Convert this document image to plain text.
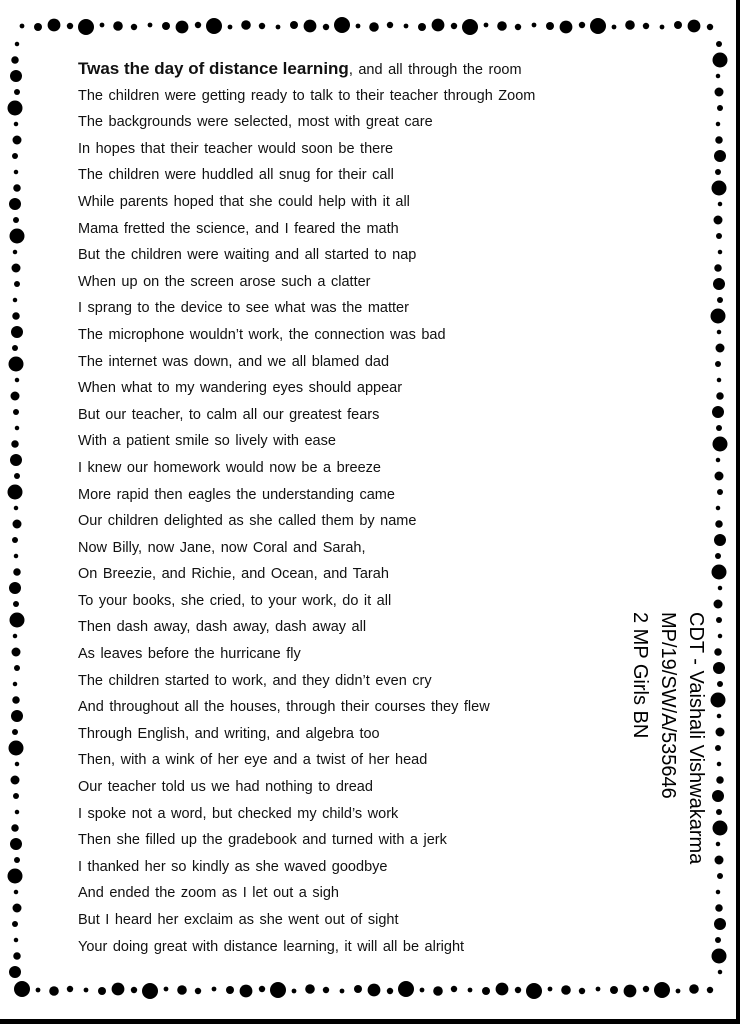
Twas the day of distance learning, and all through the room
The children were getting ready to talk to their teacher through Zoom
The backgrounds were selected, most with great care
In hopes that their teacher would soon be there
The children were huddled all snug for their call
While parents hoped that she could help with it all
Mama fretted the science, and I feared the math
But the children were waiting and all started to nap
When up on the screen arose such a clatter
I sprang to the device to see what was the matter
The microphone wouldn’t work, the connection was bad
The internet was down, and we all blamed dad
When what to my wandering eyes should appear
But our teacher, to calm all our greatest fears
With a patient smile so lively with ease
I knew our homework would now be a breeze
More rapid then eagles the understanding came
Our children delighted as she called them by name
Now Billy, now Jane, now Coral and Sarah,
On Breezie, and Richie, and Ocean, and Tarah
To your books, she cried, to your work, do it all
Then dash away, dash away, dash away all
As leaves before the hurricane fly
The children started to work, and they didn’t even cry
And throughout all the houses, through their courses they flew
Through English, and writing, and algebra too
Then, with a wink of her eye and a twist of her head
Our teacher told us we had nothing to dread
I spoke not a word, but checked my child’s work
Then she filled up the gradebook and turned with a jerk
I thanked her so kindly as she waved goodbye
And ended the zoom as I let out a sigh
But I heard her exclaim as she went out of sight
Your doing great with distance learning, it will all be alright
CDT - Vaishali Vishwakarma
MP/19/SW/A/535646
2 MP Girls BN
